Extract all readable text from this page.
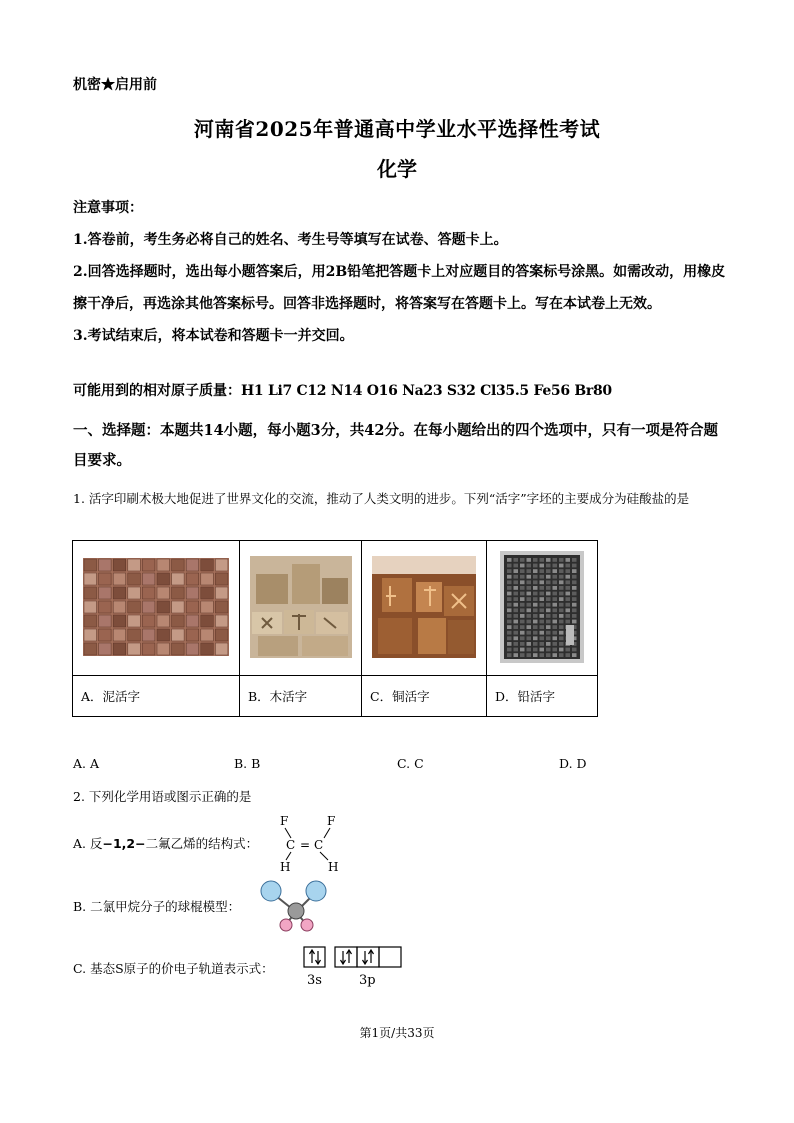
机密★启用前
河南省2025年普通高中学业水平选择性考试
化学

注意事项：

1.答卷前，考生务必将自己的姓名、考生号等填写在试卷、答题卡上。

2.回答选择题时，选出每小题答案后，用2B铅笔把答题卡上对应题目的答案标号涂黑。如需改动，用橡皮擦干净后，再选涂其他答案标号。回答非选择题时，将答案写在答题卡上。写在本试卷上无效。

3.考试结束后，将本试卷和答题卡一并交回。

可能用到的相对原子质量：H1 Li7 C12 N14 O16 Na23 S32 Cl35.5 Fe56 Br80
一、选择题：本题共14小题，每小题3分，共42分。在每小题给出的四个选项中，只有一项是符合题目要求。
1. 活字印刷术极大地促进了世界文化的交流，推动了人类文明的进步。下列“活字”字坯的主要成分为硅酸盐的是

A．泥活字	B．木活字	C．铜活字	D．铅活字
A. A	B. B	C. C	D. D
2. 下列化学用语或图示正确的是
A. 反−1,2−二氟乙烯的结构式：
F	F
C = C
H	H
B. 二氯甲烷分子的球棍模型：
C. 基态S原子的价电子轨道表示式：
3s	3p
第1页/共33页
